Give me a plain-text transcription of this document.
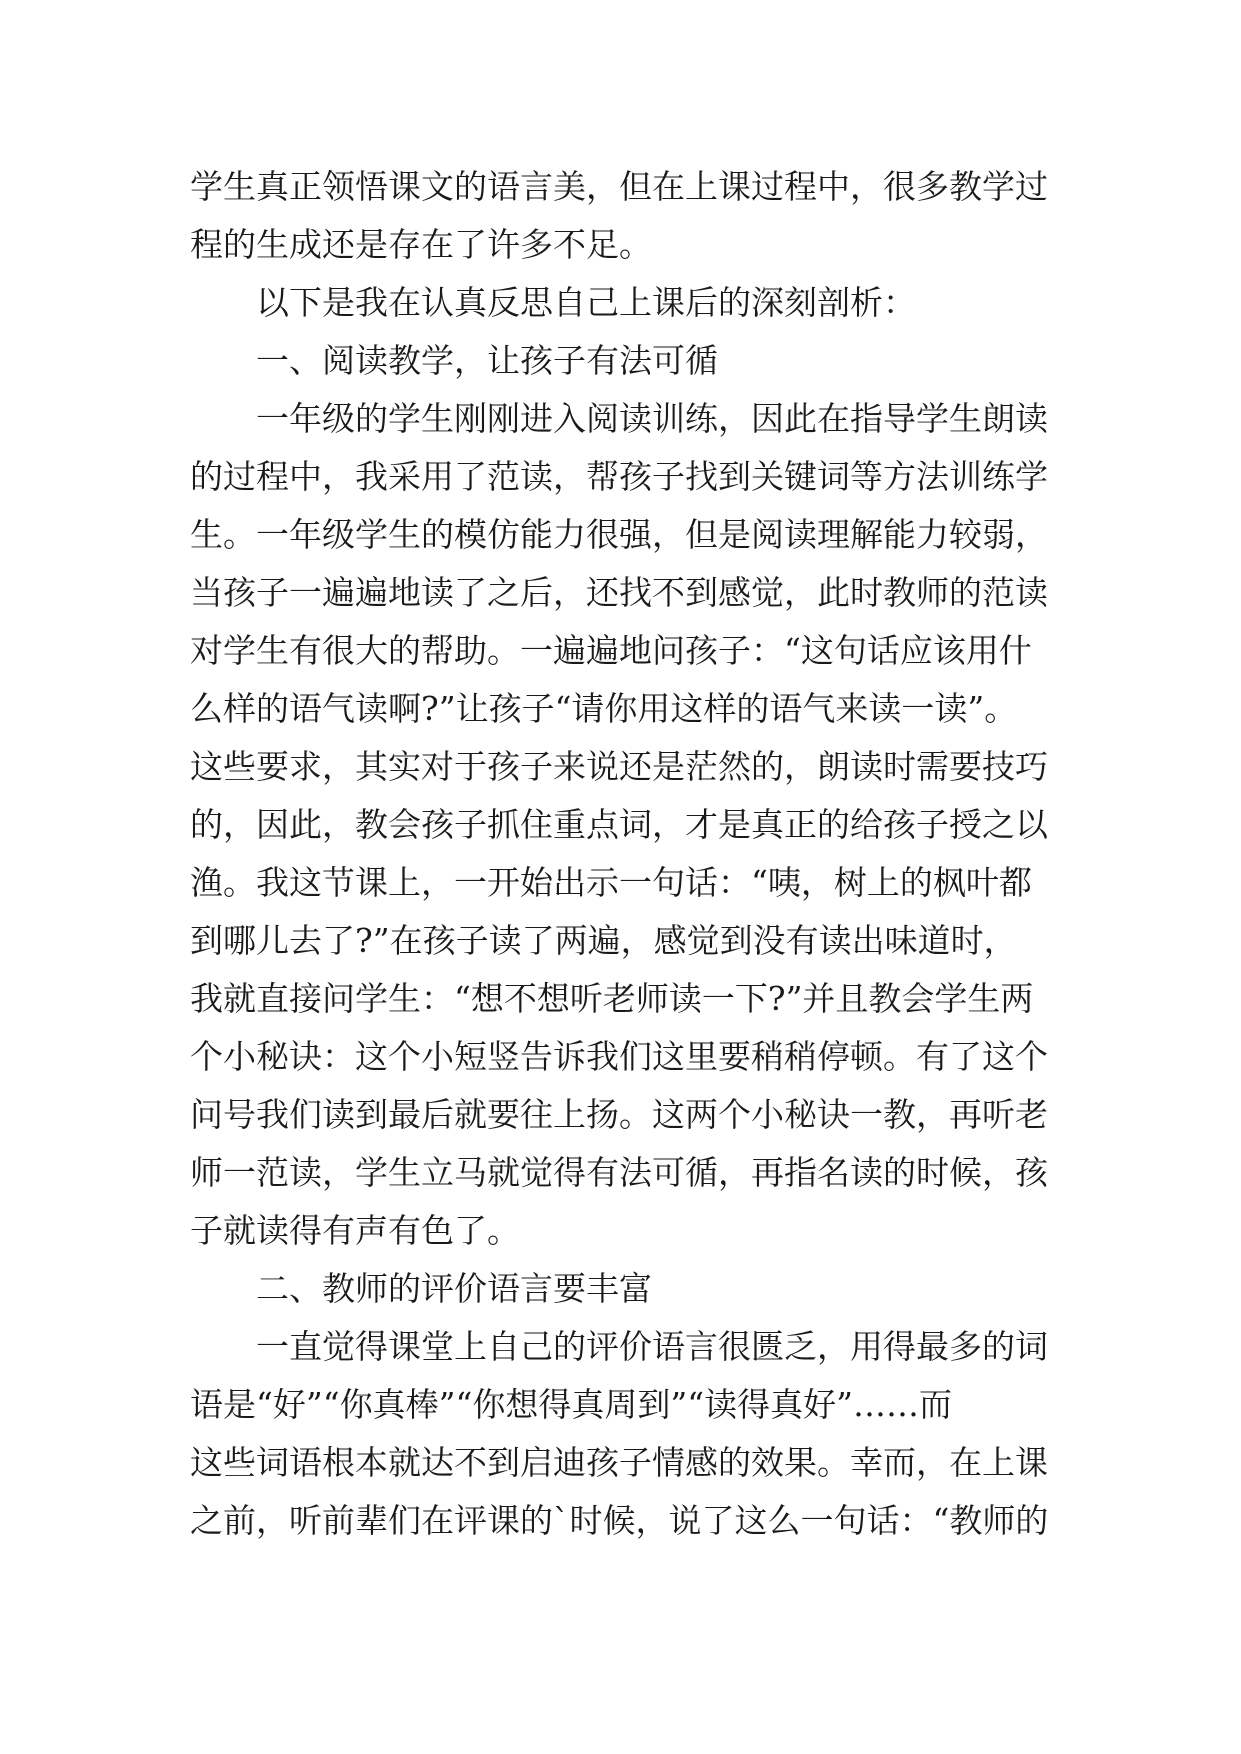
学生真正领悟课文的语言美，但在上课过程中，很多教学过
程的生成还是存在了许多不足。
以下是我在认真反思自己上课后的深刻剖析：
一、阅读教学，让孩子有法可循
一年级的学生刚刚进入阅读训练，因此在指导学生朗读
的过程中，我采用了范读，帮孩子找到关键词等方法训练学
生。一年级学生的模仿能力很强，但是阅读理解能力较弱，
当孩子一遍遍地读了之后，还找不到感觉，此时教师的范读
对学生有很大的帮助。一遍遍地问孩子：“这句话应该用什
么样的语气读啊?”让孩子“请你用这样的语气来读一读”。
这些要求，其实对于孩子来说还是茫然的，朗读时需要技巧
的，因此，教会孩子抓住重点词，才是真正的给孩子授之以
渔。我这节课上，一开始出示一句话：“咦，树上的枫叶都
到哪儿去了?”在孩子读了两遍，感觉到没有读出味道时，
我就直接问学生：“想不想听老师读一下?”并且教会学生两
个小秘诀：这个小短竖告诉我们这里要稍稍停顿。有了这个
问号我们读到最后就要往上扬。这两个小秘诀一教，再听老
师一范读，学生立马就觉得有法可循，再指名读的时候，孩
子就读得有声有色了。
二、教师的评价语言要丰富
一直觉得课堂上自己的评价语言很匮乏，用得最多的词
语是“好”“你真棒”“你想得真周到”“读得真好”……而
这些词语根本就达不到启迪孩子情感的效果。幸而，在上课
之前，听前辈们在评课的`时候，说了这么一句话：“教师的
